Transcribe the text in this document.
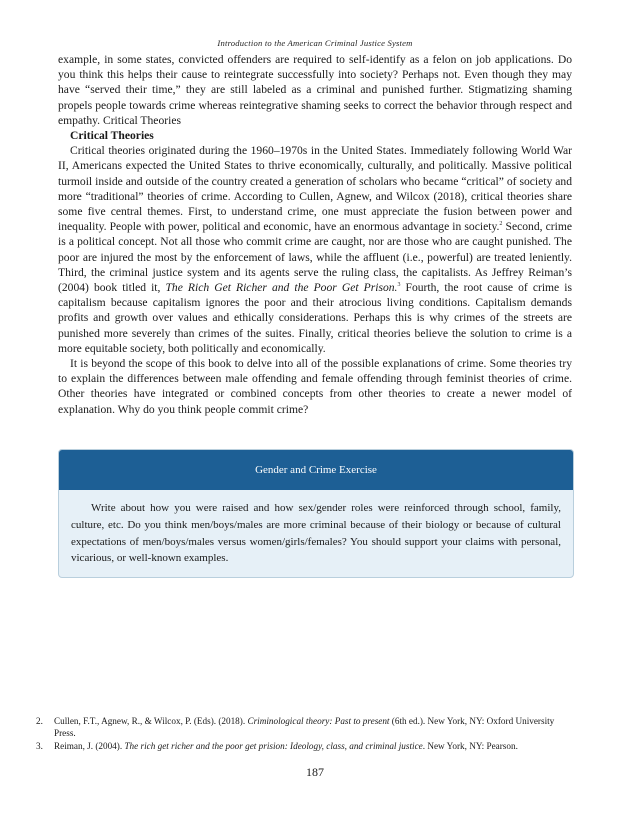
Introduction to the American Criminal Justice System

example, in some states, convicted offenders are required to self-identify as a felon on job applications. Do you think this helps their cause to reintegrate successfully into society? Perhaps not. Even though they may have “served their time,” they are still labeled as a criminal and punished further. Stigmatizing shaming propels people towards crime whereas reintegrative shaming seeks to correct the behavior through respect and empathy. Critical Theories

Critical Theories

Critical theories originated during the 1960–1970s in the United States. Immediately following World War II, Americans expected the United States to thrive economically, culturally, and politically. Massive political turmoil inside and outside of the country created a generation of scholars who became “critical” of society and more “traditional” theories of crime. According to Cullen, Agnew, and Wilcox (2018), critical theories share some five central themes. First, to understand crime, one must appreciate the fusion between power and inequality. People with power, political and economic, have an enormous advantage in society.$^2$ Second, crime is a political concept. Not all those who commit crime are caught, nor are those who are caught punished. The poor are injured the most by the enforcement of laws, while the affluent (i.e., powerful) are treated leniently. Third, the criminal justice system and its agents serve the ruling class, the capitalists. As Jeffrey Reiman’s (2004) book titled it, The Rich Get Richer and the Poor Get Prison.$^3$ Fourth, the root cause of crime is capitalism because capitalism ignores the poor and their atrocious living conditions. Capitalism demands profits and growth over values and ethically considerations. Perhaps this is why crimes of the streets are punished more severely than crimes of the suites. Finally, critical theories believe the solution to crime is a more equitable society, both politically and economically.

It is beyond the scope of this book to delve into all of the possible explanations of crime. Some theories try to explain the differences between male offending and female offending through feminist theories of crime. Other theories have integrated or combined concepts from other theories to create a newer model of explanation. Why do you think people commit crime?

Gender and Crime Exercise
Write about how you were raised and how sex/gender roles were reinforced through school, family, culture, etc. Do you think men/boys/males are more criminal because of their biology or because of cultural expectations of men/boys/males versus women/girls/females? You should support your claims with personal, vicarious, or well-known examples.
2.	Cullen, F.T., Agnew, R., & Wilcox, P. (Eds). (2018). Criminological theory: Past to present (6th ed.). New York, NY: Oxford University Press.
3.	Reiman, J. (2004). The rich get richer and the poor get prision: Ideology, class, and criminal justice. New York, NY: Pearson.
187
